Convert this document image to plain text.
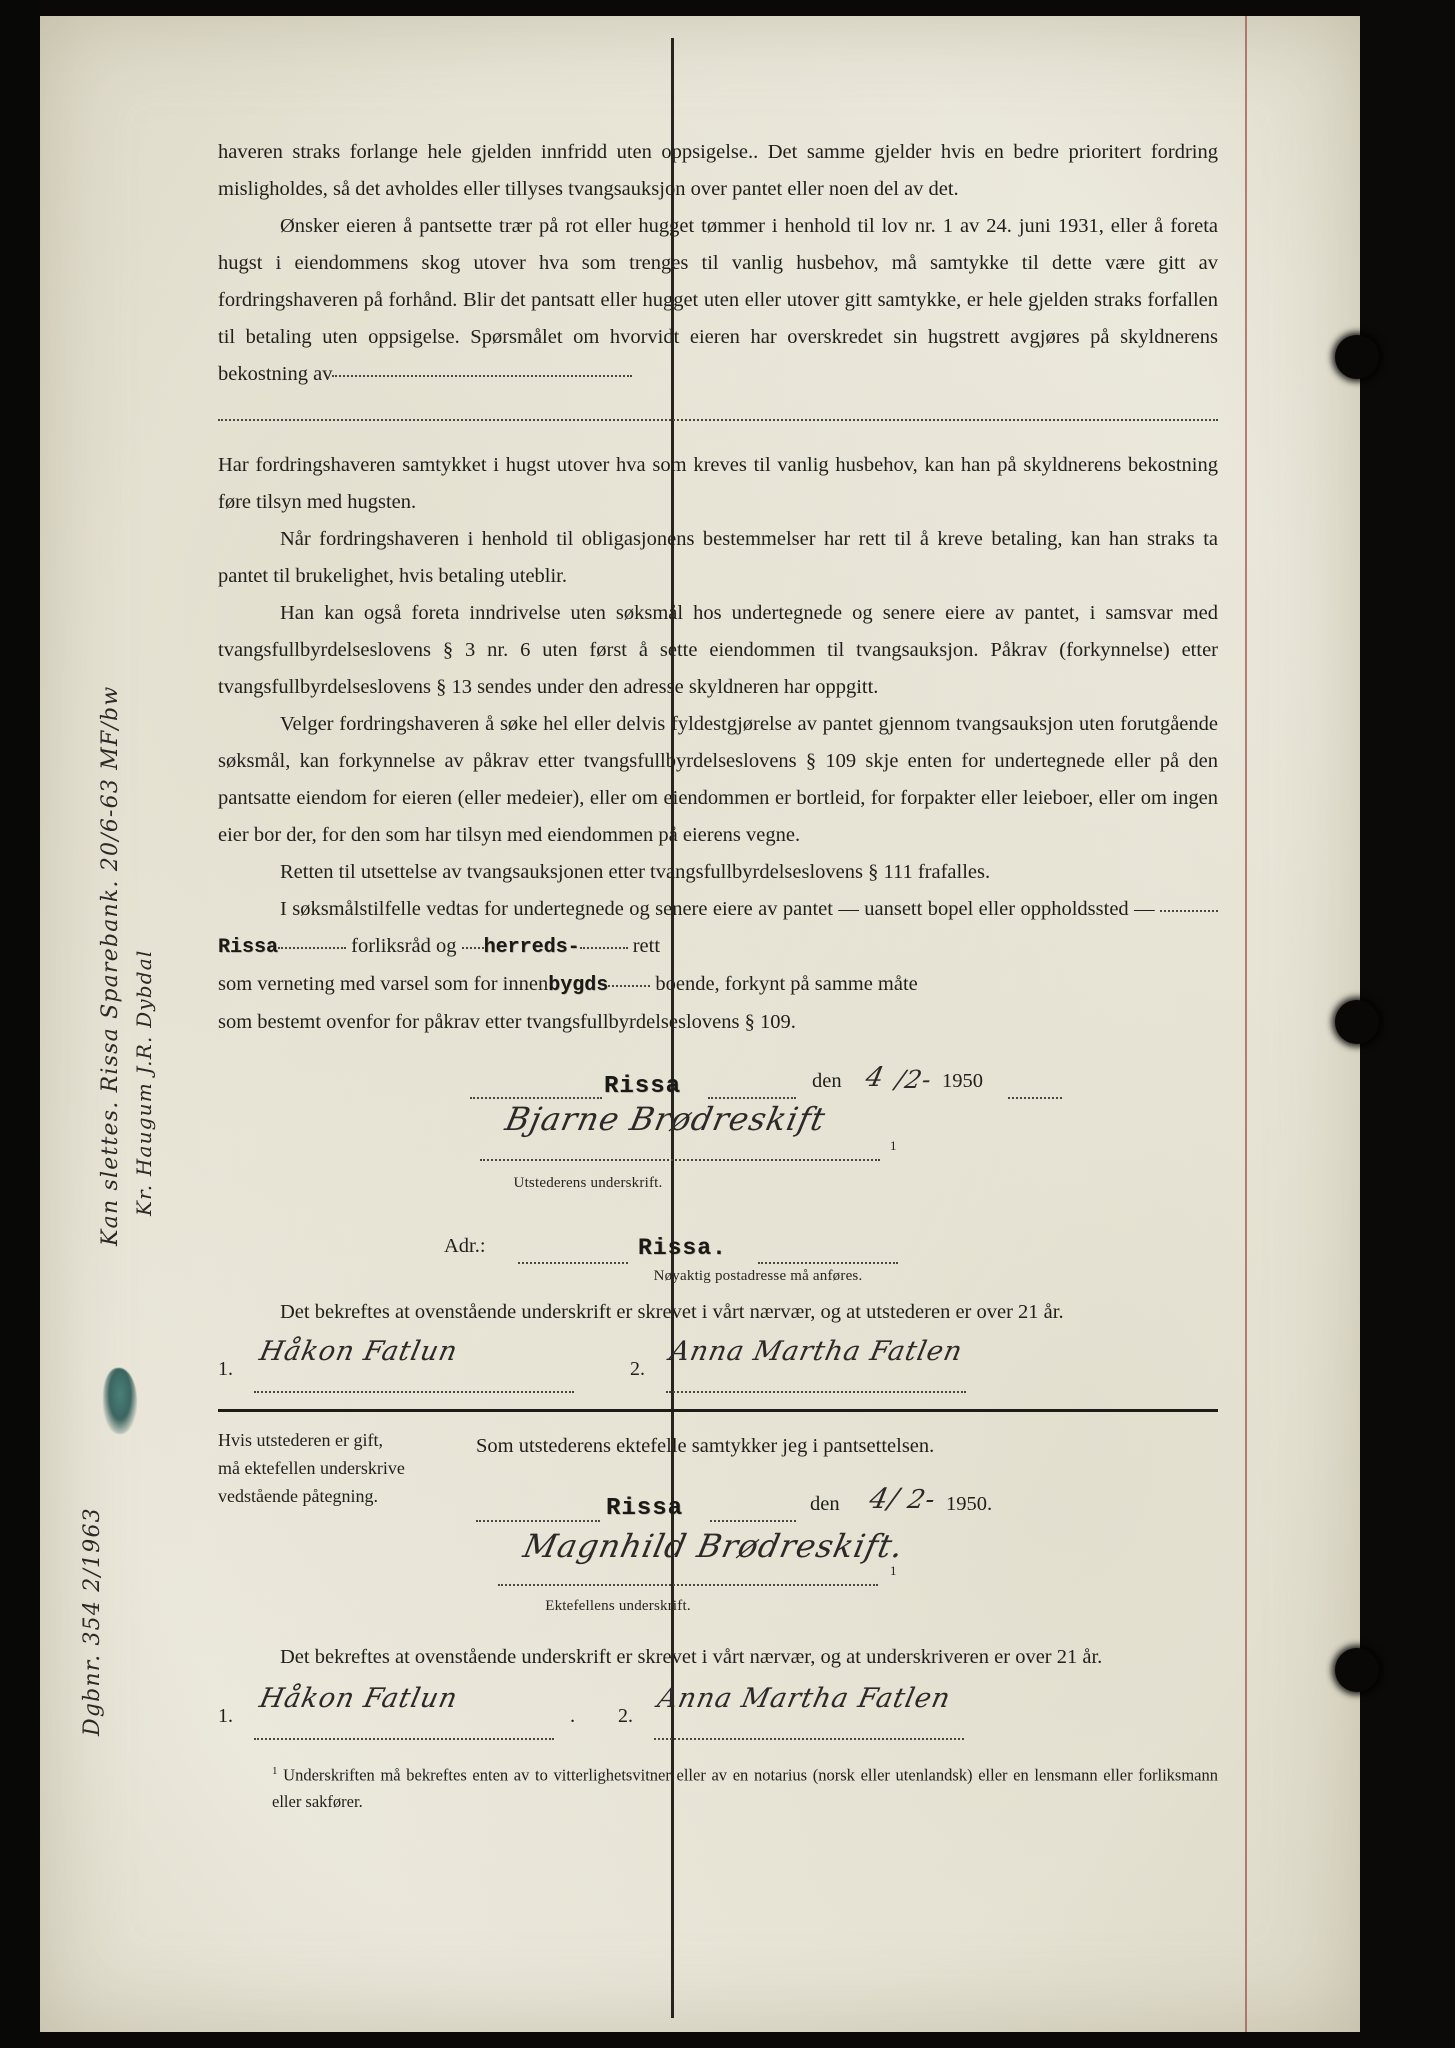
haveren straks forlange hele gjelden innfridd uten oppsigelse.. Det samme gjelder hvis en bedre prioritert fordring misligholdes, så det avholdes eller tillyses tvangsauksjon over pantet eller noen del av det.

Ønsker eieren å pantsette trær på rot eller hugget tømmer i henhold til lov nr. 1 av 24. juni 1931, eller å foreta hugst i eiendommens skog utover hva som trenges til vanlig husbehov, må samtykke til dette være gitt av fordringshaveren på forhånd. Blir det pantsatt eller hugget uten eller utover gitt samtykke, er hele gjelden straks forfallen til betaling uten oppsigelse. Spørsmålet om hvorvidt eieren har overskredet sin hugstrett avgjøres på skyldnerens bekostning av

Har fordringshaveren samtykket i hugst utover hva som kreves til vanlig husbehov, kan han på skyldnerens bekostning føre tilsyn med hugsten.

Når fordringshaveren i henhold til obligasjonens bestemmelser har rett til å kreve betaling, kan han straks ta pantet til brukelighet, hvis betaling uteblir.

Han kan også foreta inndrivelse uten søksmål hos undertegnede og senere eiere av pantet, i samsvar med tvangsfullbyrdelseslovens § 3 nr. 6 uten først å sette eiendommen til tvangsauksjon. Påkrav (forkynnelse) etter tvangsfullbyrdelseslovens § 13 sendes under den adresse skyldneren har oppgitt.

Velger fordringshaveren å søke hel eller delvis fyldestgjørelse av pantet gjennom tvangsauksjon uten forutgående søksmål, kan forkynnelse av påkrav etter tvangsfullbyrdelseslovens § 109 skje enten for undertegnede eller på den pantsatte eiendom for eieren (eller medeier), eller om eiendommen er bortleid, for forpakter eller leieboer, eller om ingen eier bor der, for den som har tilsyn med eiendommen på eierens vegne.

Retten til utsettelse av tvangsauksjonen etter tvangsfullbyrdelseslovens § 111 frafalles.

I søksmålstilfelle vedtas for undertegnede og senere eiere av pantet — uansett bopel eller oppholdssted — Rissa	forliksråd og herreds-	rett
som verneting med varsel som for innenbygds boende, forkynt på samme måte
som bestemt ovenfor for påkrav etter tvangsfullbyrdelseslovens § 109.

Rissa	den 4 /2- 1950
Bjarne Brødreskift
1
Utstederens underskrift.
Adr.:	Rissa.
Nøyaktig postadresse må anføres.

Det bekreftes at ovenstående underskrift er skrevet i vårt nærvær, og at utstederen er over 21 år.

1.
Håkon Fatlun
2.
Anna Martha Fatlen
Hvis utstederen er gift,
må ektefellen underskrive
vedstående påtegning.
Som utstederens ektefelle samtykker jeg i pantsettelsen.
Rissa	den 4/ 2- 1950.
Magnhild Brødreskift.
1
Ektefellens underskrift.

Det bekreftes at ovenstående underskrift er skrevet i vårt nærvær, og at underskriveren er over 21 år.

1.
Håkon Fatlun
. 2.
Anna Martha Fatlen
$^1$ Underskriften må bekreftes enten av to vitterlighetsvitner eller av en notarius (norsk eller utenlandsk) eller en lensmann eller forliksmann eller sakfører.
Kan slettes. Rissa Sparebank. 20/6-63 MF/bw Kr. Haugum J.R. Dybdal
Dgbnr. 354 2/1963
